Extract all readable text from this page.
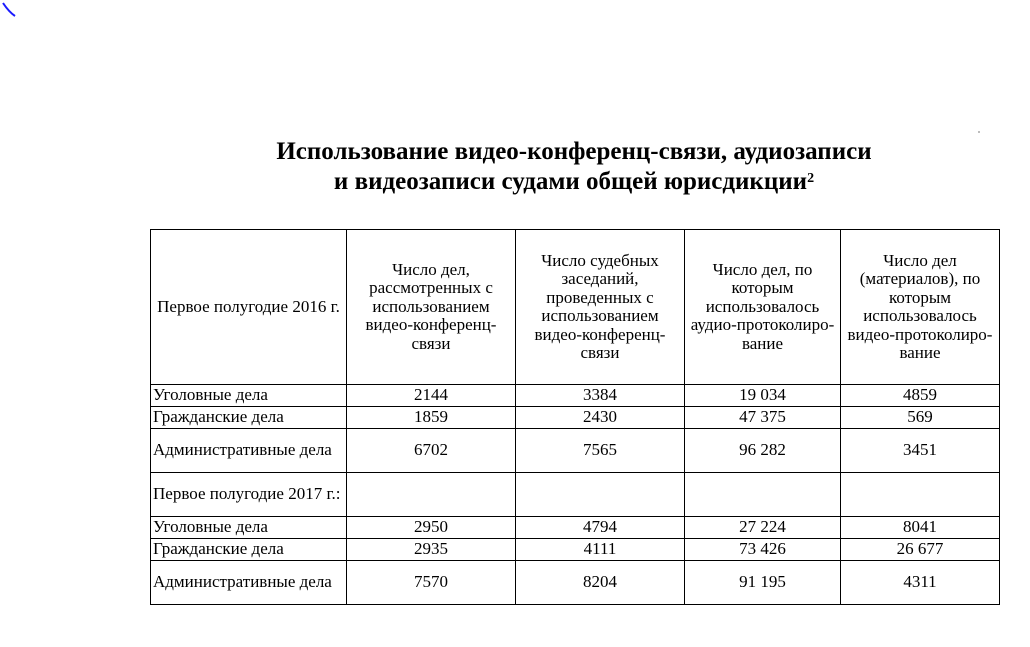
Использование видео-конференц-связи, аудиозаписи
и видеозаписи судами общей юрисдикции$^2$
Первое полугодие 2016 г.	Число дел, рассмотренных с использованием видео-конференц-связи	Число судебных заседаний, проведенных с использованием видео-конференц-связи	Число дел, по которым использовалось аудио-протоколиро-вание	Число дел (материалов), по которым использовалось видео-протоколиро-вание
Уголовные дела	2144	3384	19 034	4859
Гражданские дела	1859	2430	47 375	569
Административные дела	6702	7565	96 282	3451
Первое полугодие 2017 г.:				
Уголовные дела	2950	4794	27 224	8041
Гражданские дела	2935	4111	73 426	26 677
Административные дела	7570	8204	91 195	4311
